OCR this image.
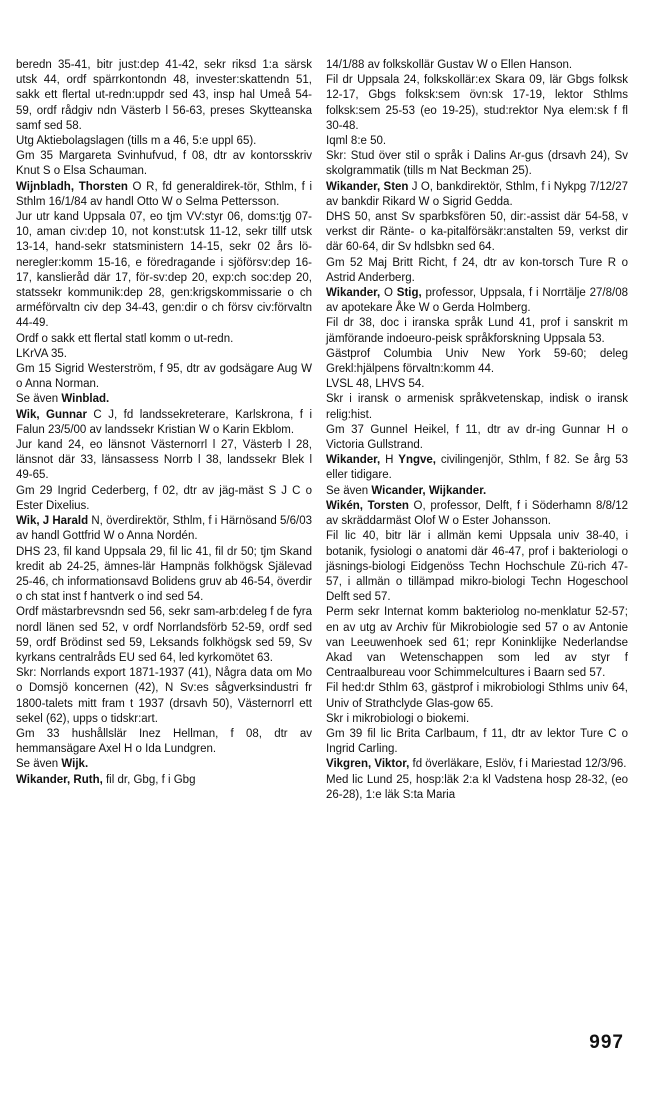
beredn 35-41, bitr just:dep 41-42, sekr riksd 1:a särsk utsk 44, ordf spärrkontondn 48, invester:skattendn 51, sakk ett flertal ut-redn:uppdr sed 43, insp hal Umeå 54-59, ordf rådgiv ndn Västerb l 56-63, preses Skytteanska samf sed 58.

Utg Aktiebolagslagen (tills m a 46, 5:e uppl 65).

Gm 35 Margareta Svinhufvud, f 08, dtr av kontorsskriv Knut S o Elsa Schauman.

Wijnbladh, Thorsten O R, fd generaldirek-tör, Sthlm, f i Sthlm 16/1/84 av handl Otto W o Selma Pettersson.

Jur utr kand Uppsala 07, eo tjm VV:styr 06, doms:tjg 07-10, aman civ:dep 10, not konst:utsk 11-12, sekr tillf utsk 13-14, hand-sekr statsministern 14-15, sekr 02 års lö-neregler:komm 15-16, e föredragande i sjöförsv:dep 16-17, kanslieråd där 17, för-sv:dep 20, exp:ch soc:dep 20, statssekr kommunik:dep 28, gen:krigskommissarie o ch arméförvaltn civ dep 34-43, gen:dir o ch försv civ:förvaltn 44-49.

Ordf o sakk ett flertal statl komm o ut-redn.

LKrVA 35.

Gm 15 Sigrid Westerström, f 95, dtr av godsägare Aug W o Anna Norman.

Se även Winblad.

Wik, Gunnar C J, fd landssekreterare, Karlskrona, f i Falun 23/5/00 av landssekr Kristian W o Karin Ekblom.

Jur kand 24, eo länsnot Västernorrl l 27, Västerb l 28, länsnot där 33, länsassess Norrb l 38, landssekr Blek l 49-65.

Gm 29 Ingrid Cederberg, f 02, dtr av jäg-mäst S J C o Ester Dixelius.

Wik, J Harald N, överdirektör, Sthlm, f i Härnösand 5/6/03 av handl Gottfrid W o Anna Nordén.

DHS 23, fil kand Uppsala 29, fil lic 41, fil dr 50; tjm Skand kredit ab 24-25, ämnes-lär Hampnäs folkhögsk Själevad 25-46, ch informationsavd Bolidens gruv ab 46-54, överdir o ch stat inst f hantverk o ind sed 54.

Ordf mästarbrevsndn sed 56, sekr sam-arb:deleg f de fyra nordl länen sed 52, v ordf Norrlandsförb 52-59, ordf sed 59, ordf Brödinst sed 59, Leksands folkhögsk sed 59, Sv kyrkans centralråds EU sed 64, led kyrkomötet 63.

Skr: Norrlands export 1871-1937 (41), Några data om Mo o Domsjö koncernen (42), N Sv:es sågverksindustri fr 1800-talets mitt fram t 1937 (drsavh 50), Västernorrl ett sekel (62), upps o tidskr:art.

Gm 33 hushållslär Inez Hellman, f 08, dtr av hemmansägare Axel H o Ida Lundgren.

Se även Wijk.

Wikander, Ruth, fil dr, Gbg, f i Gbg

14/1/88 av folkskollär Gustav W o Ellen Hanson.

Fil dr Uppsala 24, folkskollär:ex Skara 09, lär Gbgs folksk 12-17, Gbgs folksk:sem övn:sk 17-19, lektor Sthlms folksk:sem 25-53 (eo 19-25), stud:rektor Nya elem:sk f fl 30-48.

Iqml 8:e 50.

Skr: Stud över stil o språk i Dalins Ar-gus (drsavh 24), Sv skolgrammatik (tills m Nat Beckman 25).

Wikander, Sten J O, bankdirektör, Sthlm, f i Nykpg 7/12/27 av bankdir Rikard W o Sigrid Gedda.

DHS 50, anst Sv sparbksfören 50, dir:-assist där 54-58, v verkst dir Ränte- o ka-pitalförsäkr:anstalten 59, verkst dir där 60-64, dir Sv hdlsbkn sed 64.

Gm 52 Maj Britt Richt, f 24, dtr av kon-torsch Ture R o Astrid Anderberg.

Wikander, O Stig, professor, Uppsala, f i Norrtälje 27/8/08 av apotekare Åke W o Gerda Holmberg.

Fil dr 38, doc i iranska språk Lund 41, prof i sanskrit m jämförande indoeuro-peisk språkforskning Uppsala 53.

Gästprof Columbia Univ New York 59-60; deleg Grekl:hjälpens förvaltn:komm 44.

LVSL 48, LHVS 54.

Skr i iransk o armenisk språkvetenskap, indisk o iransk relig:hist.

Gm 37 Gunnel Heikel, f 11, dtr av dr-ing Gunnar H o Victoria Gullstrand.

Wikander, H Yngve, civilingenjör, Sthlm, f 82. Se årg 53 eller tidigare.

Se även Wicander, Wijkander.

Wikén, Torsten O, professor, Delft, f i Söderhamn 8/8/12 av skräddarmäst Olof W o Ester Johansson.

Fil lic 40, bitr lär i allmän kemi Uppsala univ 38-40, i botanik, fysiologi o anatomi där 46-47, prof i bakteriologi o jäsnings-biologi Eidgenöss Techn Hochschule Zü-rich 47-57, i allmän o tillämpad mikro-biologi Techn Hogeschool Delft sed 57.

Perm sekr Internat komm bakteriolog no-menklatur 52-57; en av utg av Archiv für Mikrobiologie sed 57 o av Antonie van Leeuwenhoek sed 61; repr Koninklijke Nederlandse Akad van Wetenschappen som led av styr f Centraalbureau voor Schimmelcultures i Baarn sed 57.

Fil hed:dr Sthlm 63, gästprof i mikrobiologi Sthlms univ 64, Univ of Strathclyde Glas-gow 65.

Skr i mikrobiologi o biokemi.

Gm 39 fil lic Brita Carlbaum, f 11, dtr av lektor Ture C o Ingrid Carling.

Vikgren, Viktor, fd överläkare, Eslöv, f i Mariestad 12/3/96.

Med lic Lund 25, hosp:läk 2:a kl Vadstena hosp 28-32, (eo 26-28), 1:e läk S:ta Maria

997
